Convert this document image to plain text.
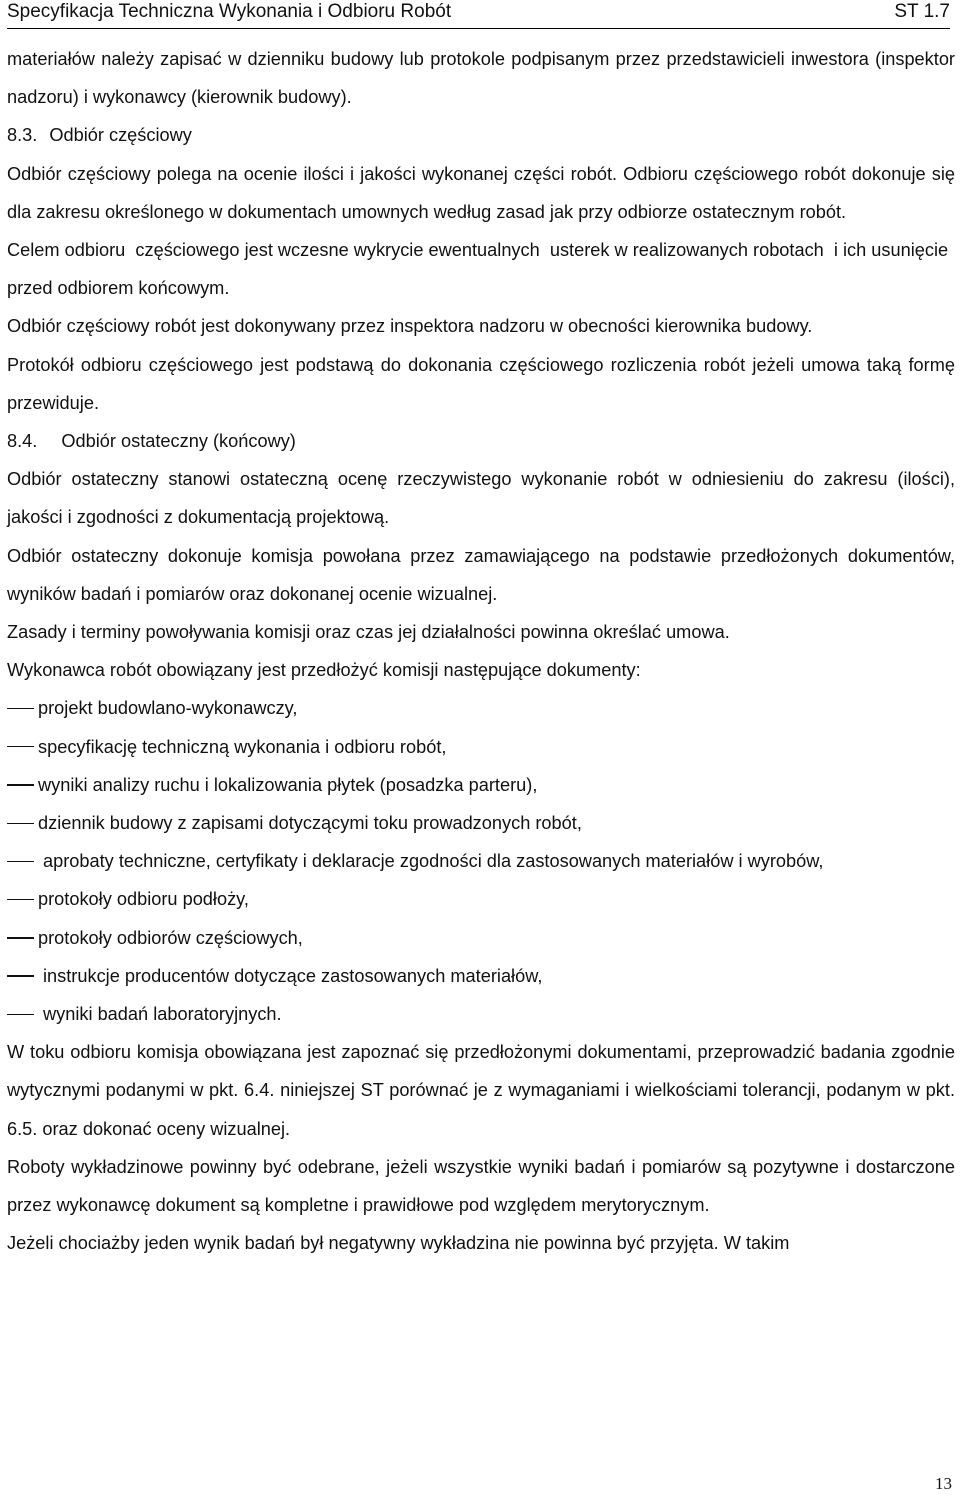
Specyfikacja Techniczna Wykonania i Odbioru Robót	ST 1.7

materiałów należy zapisać w dzienniku budowy lub protokole podpisanym przez przedstawicieli inwestora (inspektor nadzoru) i wykonawcy (kierownik budowy).

8.3. Odbiór częściowy

Odbiór częściowy polega na ocenie ilości i jakości wykonanej części robót. Odbioru częściowego robót dokonuje się dla zakresu określonego w dokumentach umownych według zasad jak przy odbiorze ostatecznym robót.

Celem odbioru  częściowego jest wczesne wykrycie ewentualnych  usterek w realizowanych robotach  i ich usunięcie przed odbiorem końcowym.

Odbiór częściowy robót jest dokonywany przez inspektora nadzoru w obecności kierownika budowy.

Protokół odbioru częściowego jest podstawą do dokonania częściowego rozliczenia robót jeżeli umowa taką formę przewiduje.

8.4. Odbiór ostateczny (końcowy)

Odbiór ostateczny stanowi ostateczną ocenę rzeczywistego wykonanie robót w odniesieniu do zakresu (ilości), jakości i zgodności z dokumentacją projektową.

Odbiór ostateczny dokonuje komisja powołana przez zamawiającego na podstawie przedłożonych dokumentów, wyników badań i pomiarów oraz dokonanej ocenie wizualnej.

Zasady i terminy powoływania komisji oraz czas jej działalności powinna określać umowa.

Wykonawca robót obowiązany jest przedłożyć komisji następujące dokumenty:

projekt budowlano-wykonawczy,

specyfikację techniczną wykonania i odbioru robót,

wyniki analizy ruchu i lokalizowania płytek (posadzka parteru),

dziennik budowy z zapisami dotyczącymi toku prowadzonych robót,

aprobaty techniczne, certyfikaty i deklaracje zgodności dla zastosowanych materiałów i wyrobów,

protokoły odbioru podłoży,

protokoły odbiorów częściowych,

instrukcje producentów dotyczące zastosowanych materiałów,

wyniki badań laboratoryjnych.

W toku odbioru komisja obowiązana jest zapoznać się przedłożonymi dokumentami, przeprowadzić badania zgodnie wytycznymi podanymi w pkt. 6.4. niniejszej ST porównać je z wymaganiami i wielkościami tolerancji, podanym w pkt. 6.5. oraz dokonać oceny wizualnej.

Roboty wykładzinowe powinny być odebrane, jeżeli wszystkie wyniki badań i pomiarów są pozytywne i dostarczone przez wykonawcę dokument są kompletne i prawidłowe pod względem merytorycznym.

Jeżeli chociażby jeden wynik badań był negatywny wykładzina nie powinna być przyjęta. W takim

13
